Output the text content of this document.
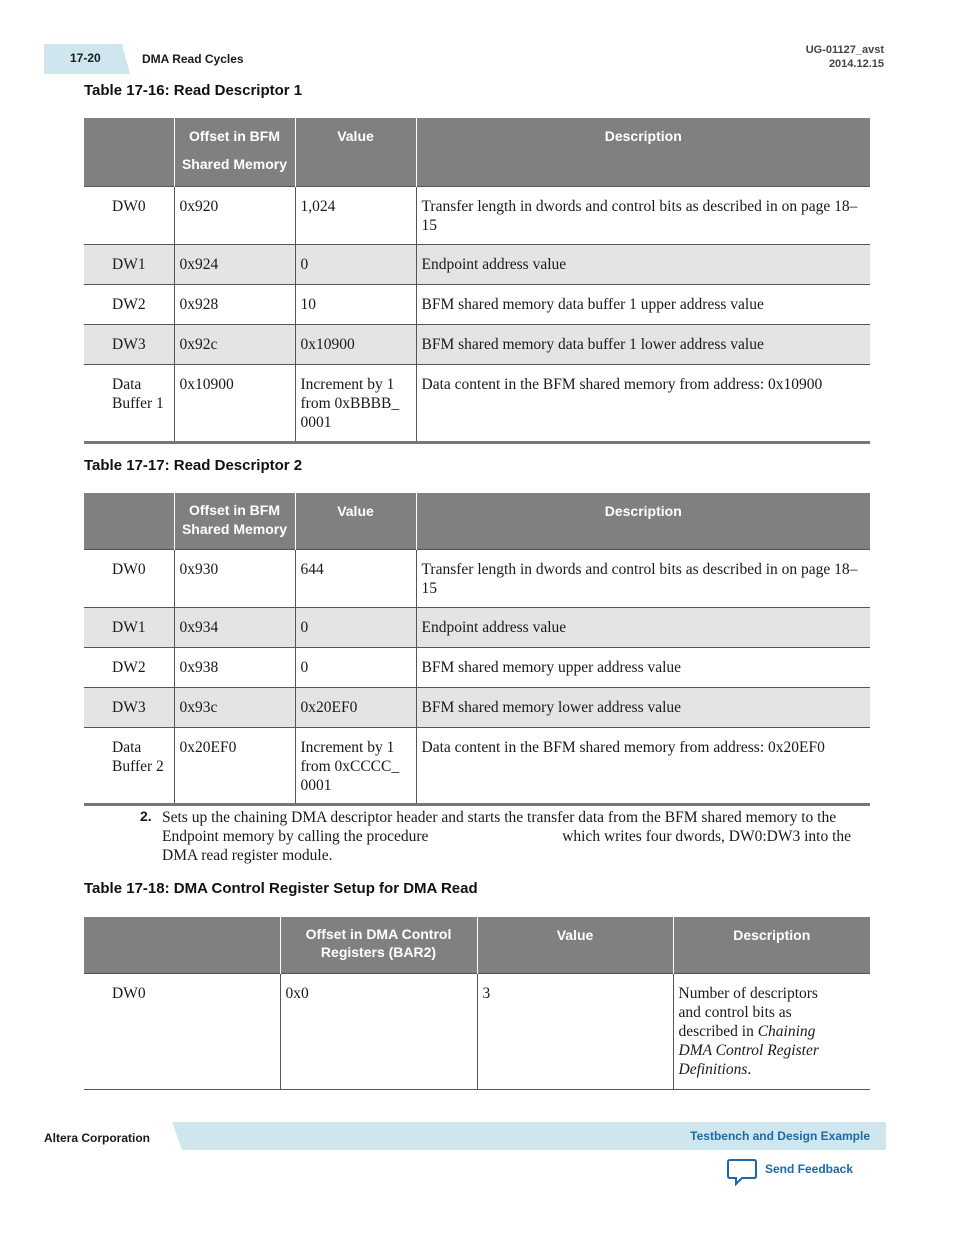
17-20	DMA Read Cycles
UG-01127_avst
2014.12.15
Table 17-16: Read Descriptor 1
	Offset in BFM Shared Memory	Value	Description
DW0	0x920	1,024	Transfer length in dwords and control bits as described in on page 18–15
DW1	0x924	0	Endpoint address value
DW2	0x928	10	BFM shared memory data buffer 1 upper address value
DW3	0x92c	0x10900	BFM shared memory data buffer 1 lower address value
Data Buffer 1	0x10900	Increment by 1 from 0xBBBB_ 0001	Data content in the BFM shared memory from address: 0x10900
Table 17-17: Read Descriptor 2
	Offset in BFM Shared Memory	Value	Description
DW0	0x930	644	Transfer length in dwords and control bits as described in on page 18–15
DW1	0x934	0	Endpoint address value
DW2	0x938	0	BFM shared memory upper address value
DW3	0x93c	0x20EF0	BFM shared memory lower address value
Data Buffer 2	0x20EF0	Increment by 1 from 0xCCCC_ 0001	Data content in the BFM shared memory from address: 0x20EF0
2. Sets up the chaining DMA descriptor header and starts the transfer data from the BFM shared memory to the Endpoint memory by calling the procedure	which writes four dwords, DW0:DW3 into the DMA read register module.
Table 17-18: DMA Control Register Setup for DMA Read
	Offset in DMA Control Registers (BAR2)	Value	Description
DW0	0x0	3	Number of descriptors and control bits as described in Chaining DMA Control Register Definitions.
Altera Corporation	Testbench and Design Example
Send Feedback
